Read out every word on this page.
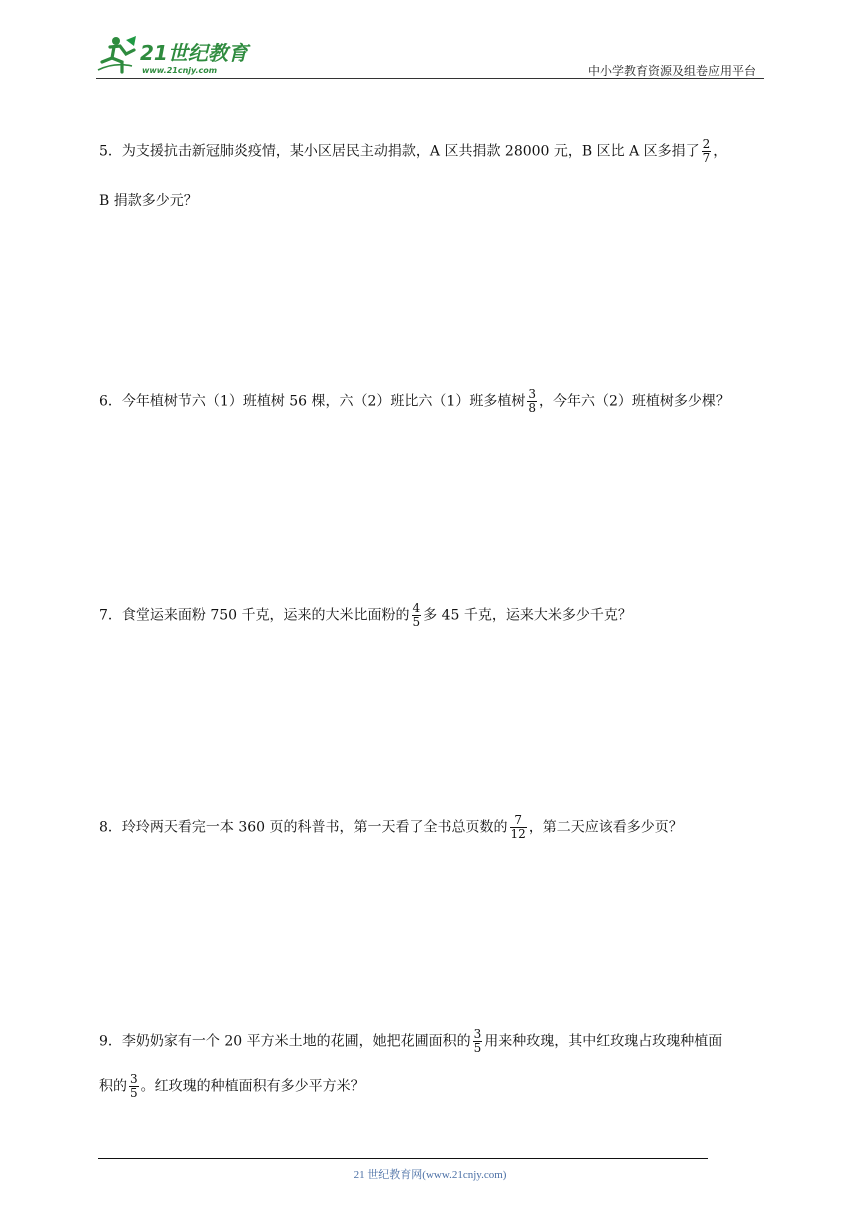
21世纪教育
www.21cnjy.com	中小学教育资源及组卷应用平台
5．为支援抗击新冠肺炎疫情，某小区居民主动捐款，A 区共捐款 28000 元，B 区比 A 区多捐了 $\frac{2}{7}$ ，
B 捐款多少元？
6．今年植树节六（1）班植树 56 棵，六（2）班比六（1）班多植树 $\frac{3}{8}$ ，今年六（2）班植树多少棵？
7．食堂运来面粉 750 千克，运来的大米比面粉的 $\frac{4}{5}$ 多 45 千克，运来大米多少千克？
8．玲玲两天看完一本 360 页的科普书，第一天看了全书总页数的 $\frac{7}{12}$ ，第二天应该看多少页？
9．李奶奶家有一个 20 平方米土地的花圃，她把花圃面积的 $\frac{3}{5}$ 用来种玫瑰，其中红玫瑰占玫瑰种植面
积的 $\frac{3}{5}$ 。红玫瑰的种植面积有多少平方米？
21 世纪教育网(www.21cnjy.com)
